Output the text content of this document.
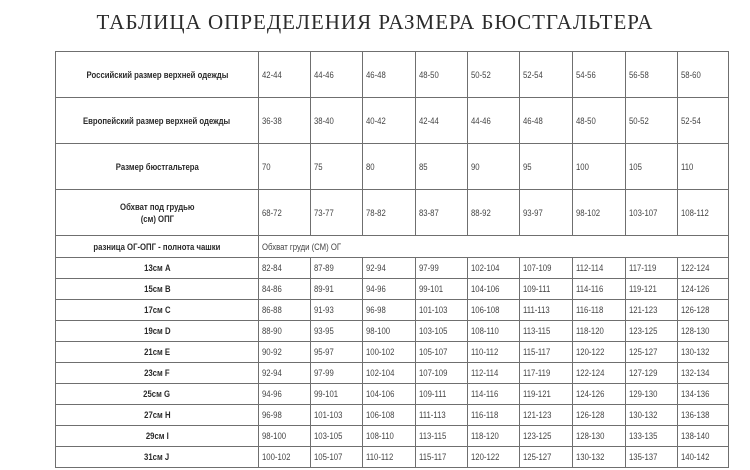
ТАБЛИЦА ОПРЕДЕЛЕНИЯ РАЗМЕРА БЮСТГАЛЬТЕРА
Российский размер верхней одежды	42-44	44-46	46-48	48-50	50-52	52-54	54-56	56-58	58-60
Европейский размер верхней одежды	36-38	38-40	40-42	42-44	44-46	46-48	48-50	50-52	52-54
Размер бюстгальтера	70	75	80	85	90	95	100	105	110
Обхват под грудью
(см) ОПГ	68-72	73-77	78-82	83-87	88-92	93-97	98-102	103-107	108-112
разница ОГ-ОПГ - полнота чашки	Обхват груди (СМ) ОГ								
13см А	82-84	87-89	92-94	97-99	102-104	107-109	112-114	117-119	122-124
15см В	84-86	89-91	94-96	99-101	104-106	109-111	114-116	119-121	124-126
17см С	86-88	91-93	96-98	101-103	106-108	111-113	116-118	121-123	126-128
19см D	88-90	93-95	98-100	103-105	108-110	113-115	118-120	123-125	128-130
21см E	90-92	95-97	100-102	105-107	110-112	115-117	120-122	125-127	130-132
23см F	92-94	97-99	102-104	107-109	112-114	117-119	122-124	127-129	132-134
25см G	94-96	99-101	104-106	109-111	114-116	119-121	124-126	129-130	134-136
27см H	96-98	101-103	106-108	111-113	116-118	121-123	126-128	130-132	136-138
29см I	98-100	103-105	108-110	113-115	118-120	123-125	128-130	133-135	138-140
31см J	100-102	105-107	110-112	115-117	120-122	125-127	130-132	135-137	140-142
